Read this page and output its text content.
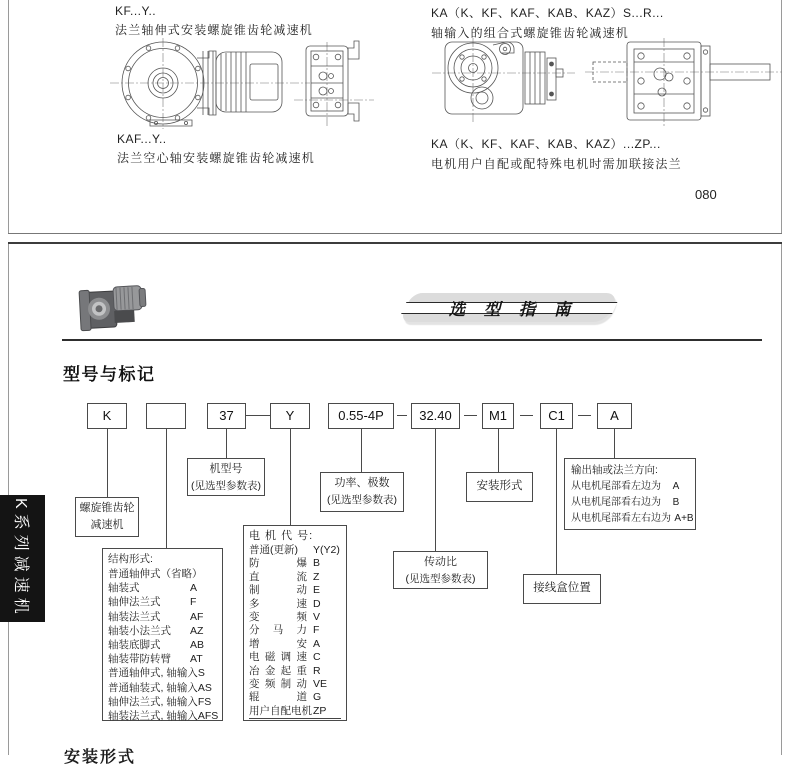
KF...Y..
法兰轴伸式安装螺旋锥齿轮减速机
KA（K、KF、KAF、KAB、KAZ）S...R...
轴输入的组合式螺旋锥齿轮减速机
KAF...Y..
法兰空心轴安装螺旋锥齿轮减速机
KA（K、KF、KAF、KAB、KAZ）...ZP...
电机用户自配或配特殊电机时需加联接法兰
080
K系列减速机
选 型 指 南
型号与标记
K	37	Y	0.55-4P	32.40	M1	C1	A
螺旋锥齿轮
减速机
机型号
(见选型参数表)	功率、极数
(见选型参数表)
传动比
(见选型参数表)
安装形式
接线盒位置
电 机 代 号:
普通(更新)	Y(Y2)
防爆 B
直流 Z
制动 E
多速 D
变频 V
分马力 F
增安 A
电磁调速 C
冶金起重 R
变频制动 VE
辊道 G
用户自配电机 ZP
结构形式:
普通轴伸式（省略）
轴装式	A
轴伸法兰式	F
轴装法兰式	AF
轴装小法兰式 AZ
轴装底脚式	AB
轴装带防转臂 AT
普通轴伸式, 轴输入 S
普通轴装式, 轴输入 AS
轴伸法兰式, 轴输入 FS
轴装法兰式, 轴输入 AFS
输出轴或法兰方向:
从电机尾部看左边为	A
从电机尾部看右边为	B
从电机尾部看左右边为 A+B
安装形式
